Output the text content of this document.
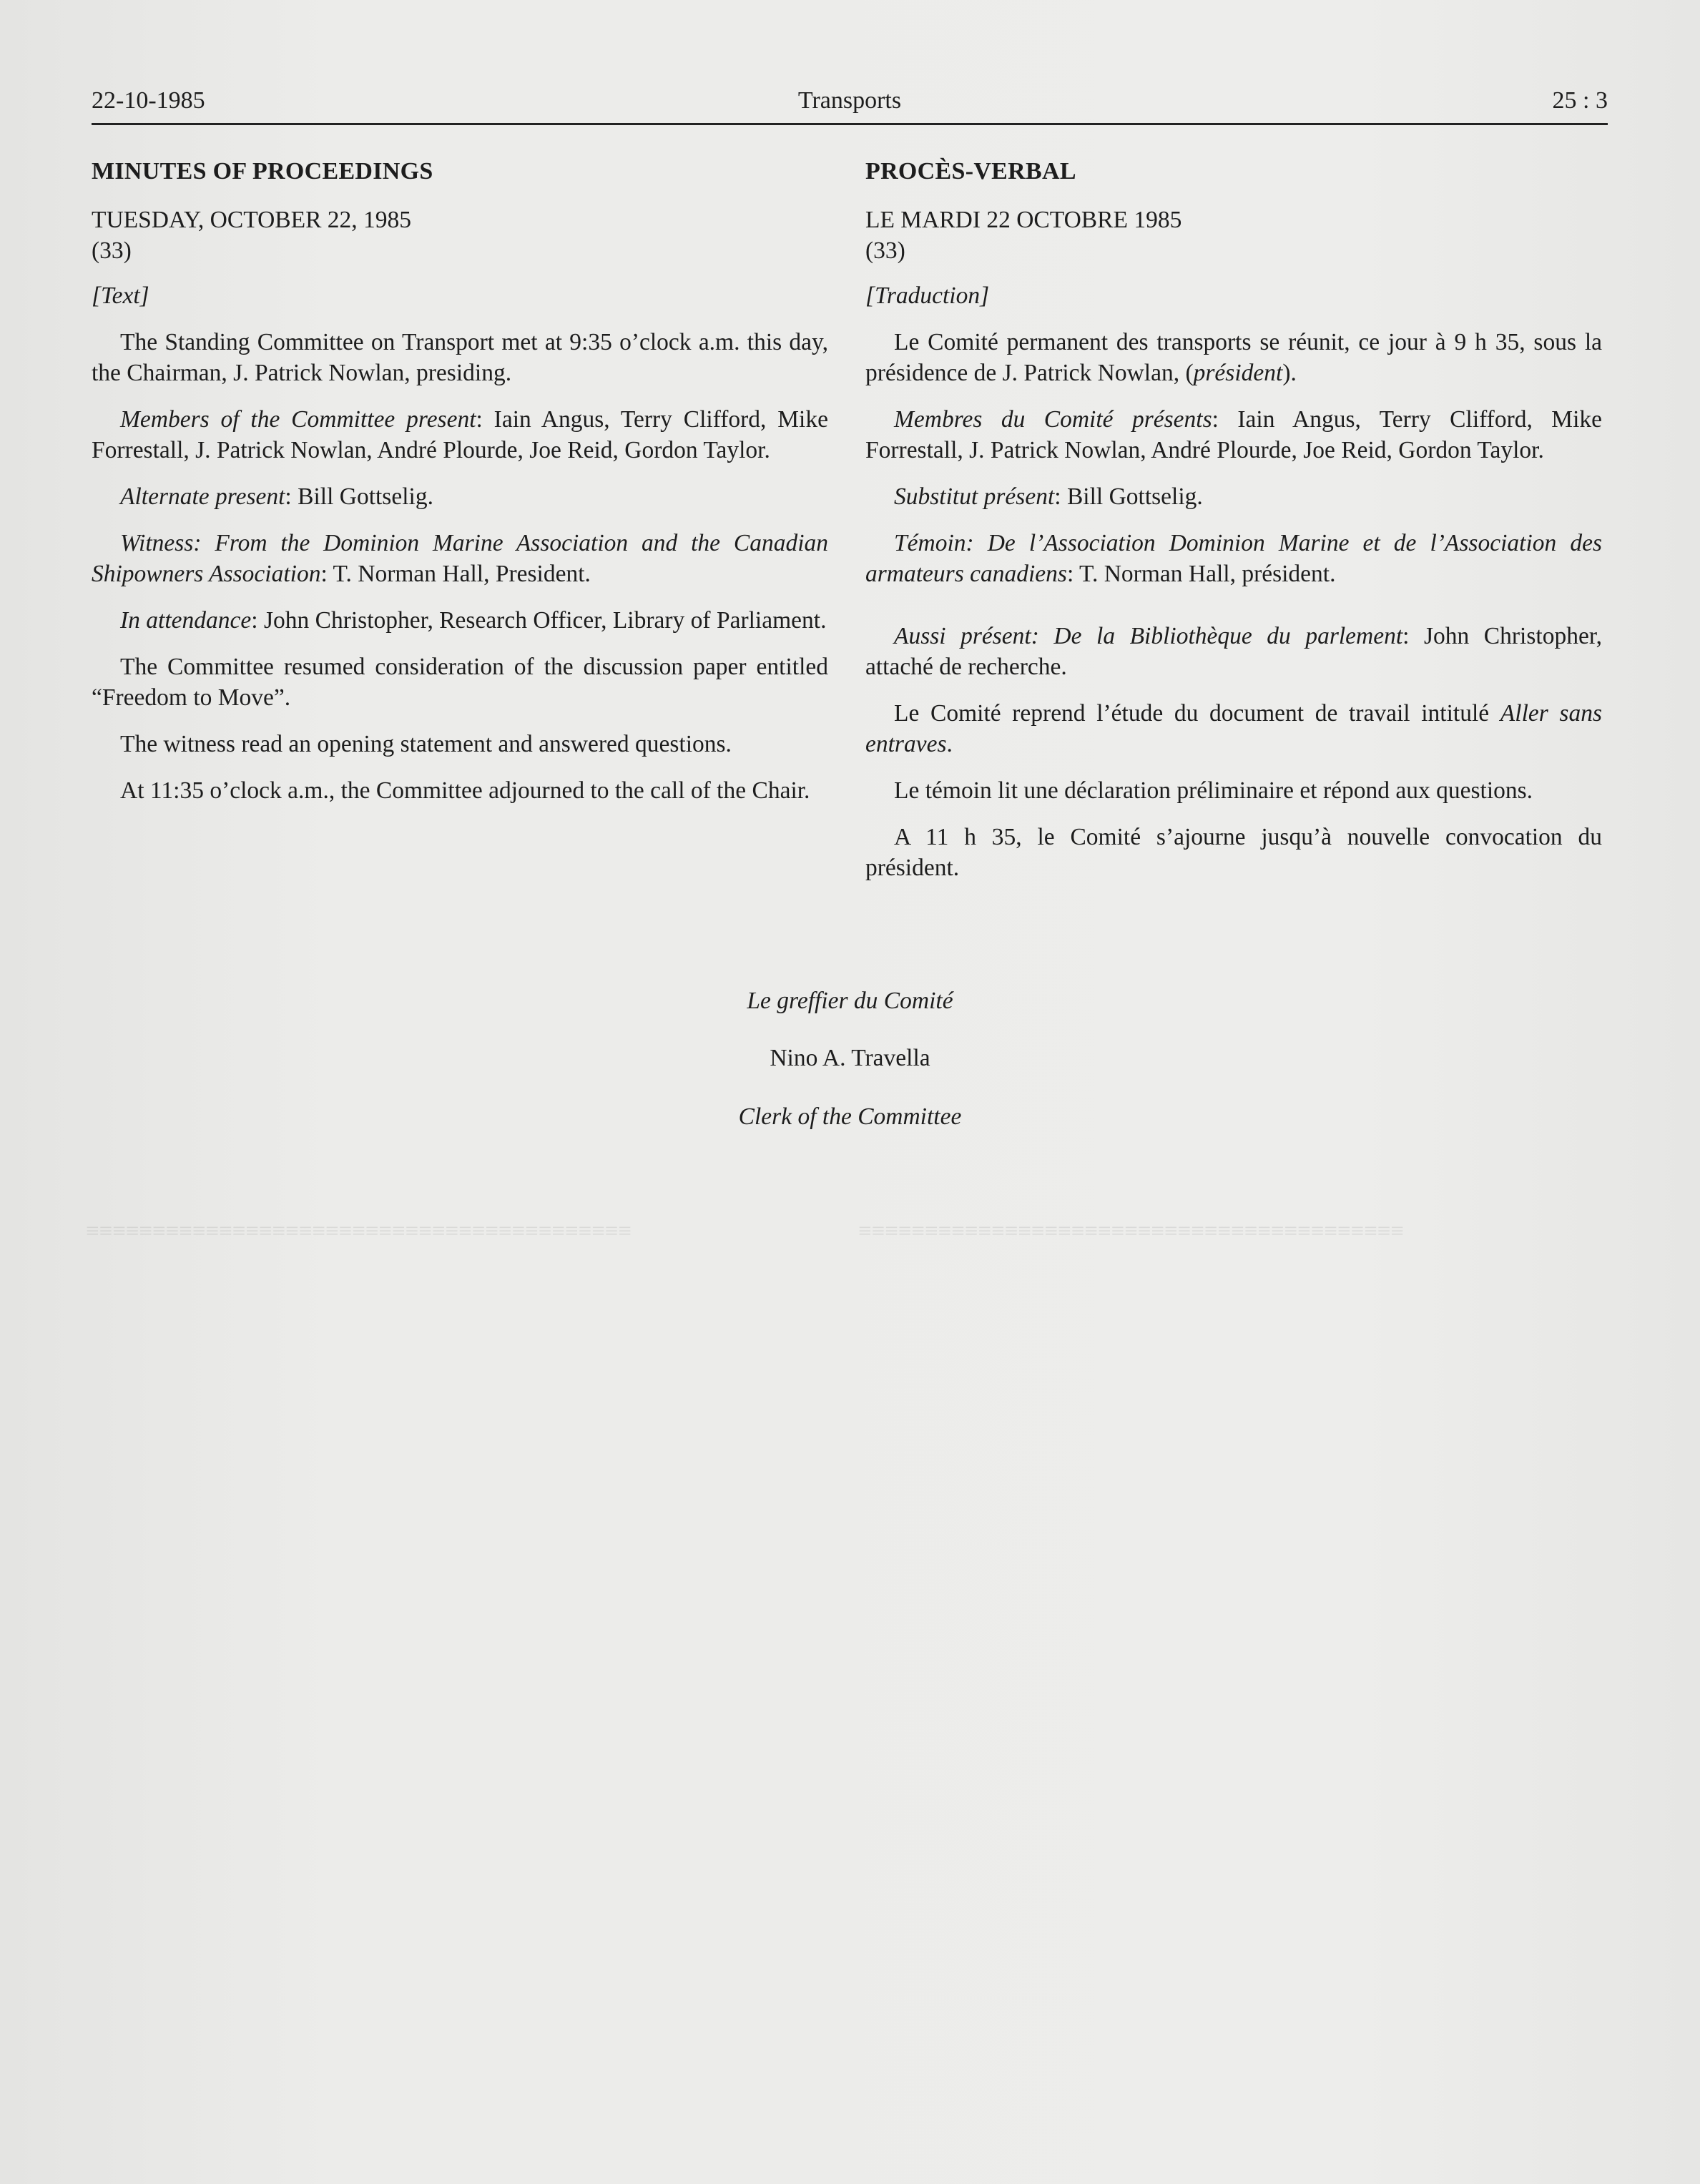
≡≡≡≡≡≡≡≡≡≡≡≡≡≡≡≡≡≡≡≡≡≡≡≡≡≡≡≡≡≡≡≡≡≡≡≡≡≡≡≡≡	≡≡≡≡≡≡≡≡≡≡≡≡≡≡≡≡≡≡≡≡≡≡≡≡≡≡≡≡≡≡≡≡≡≡≡≡≡≡≡≡≡
22-10-1985	Transports	25 : 3
MINUTES OF PROCEEDINGS
TUESDAY, OCTOBER 22, 1985
(33)
[Text]
The Standing Committee on Transport met at 9:35 o’clock a.m. this day, the Chairman, J. Patrick Nowlan, presiding.
Members of the Committee present: Iain Angus, Terry Clifford, Mike Forrestall, J. Patrick Nowlan, André Plourde, Joe Reid, Gordon Taylor.
Alternate present: Bill Gottselig.
Witness: From the Dominion Marine Association and the Canadian Shipowners Association: T. Norman Hall, President.
In attendance: John Christopher, Research Officer, Library of Parliament.
The Committee resumed consideration of the discussion paper entitled “Freedom to Move”.
The witness read an opening statement and answered questions.
At 11:35 o’clock a.m., the Committee adjourned to the call of the Chair.
PROCÈS-VERBAL
LE MARDI 22 OCTOBRE 1985
(33)
[Traduction]
Le Comité permanent des transports se réunit, ce jour à 9 h 35, sous la présidence de J. Patrick Nowlan, (président).
Membres du Comité présents: Iain Angus, Terry Clifford, Mike Forrestall, J. Patrick Nowlan, André Plourde, Joe Reid, Gordon Taylor.
Substitut présent: Bill Gottselig.
Témoin: De l’Association Dominion Marine et de l’Association des armateurs canadiens: T. Norman Hall, président.
Aussi présent: De la Bibliothèque du parlement: John Christopher, attaché de recherche.
Le Comité reprend l’étude du document de travail intitulé Aller sans entraves.
Le témoin lit une déclaration préliminaire et répond aux questions.
A 11 h 35, le Comité s’ajourne jusqu’à nouvelle convocation du président.
Le greffier du Comité
Nino A. Travella
Clerk of the Committee
